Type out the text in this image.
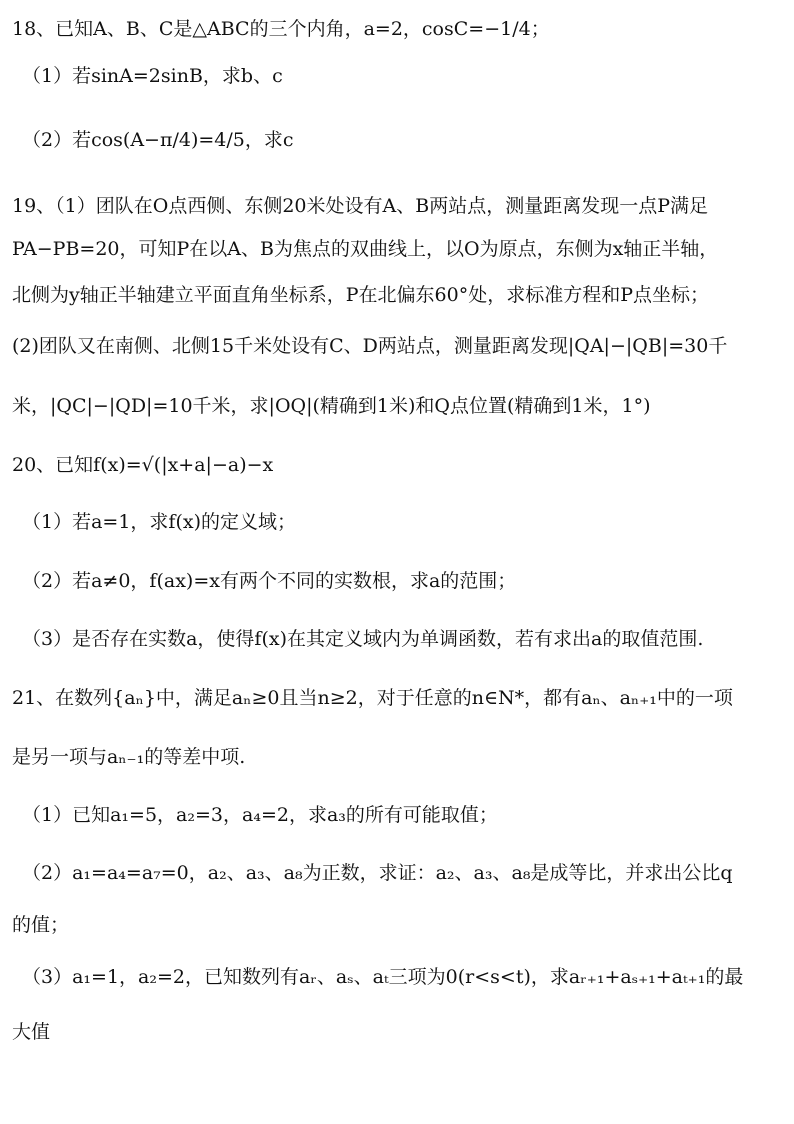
18、已知A、B、C是△ABC的三个内角，a=2，cosC=−1/4；
（1）若sinA=2sinB，求b、c
（2）若cos(A−π/4)=4/5，求c
19、（1）团队在O点西侧、东侧20米处设有A、B两站点，测量距离发现一点P满足
PA−PB=20，可知P在以A、B为焦点的双曲线上，以O为原点，东侧为x轴正半轴，
北侧为y轴正半轴建立平面直角坐标系，P在北偏东60°处，求标准方程和P点坐标；
(2)团队又在南侧、北侧15千米处设有C、D两站点，测量距离发现|QA|−|QB|=30千
米，|QC|−|QD|=10千米，求|OQ|(精确到1米)和Q点位置(精确到1米，1°)
20、已知f(x)=√(|x+a|−a)−x
（1）若a=1，求f(x)的定义域；
（2）若a≠0，f(ax)=x有两个不同的实数根，求a的范围；
（3）是否存在实数a，使得f(x)在其定义域内为单调函数，若有求出a的取值范围.
21、在数列{aₙ}中，满足aₙ≥0且当n≥2，对于任意的n∈N*，都有aₙ、aₙ₊₁中的一项
是另一项与aₙ₋₁的等差中项.
（1）已知a₁=5，a₂=3，a₄=2，求a₃的所有可能取值；
（2）a₁=a₄=a₇=0，a₂、a₃、a₈为正数，求证：a₂、a₃、a₈是成等比，并求出公比q
的值；
（3）a₁=1，a₂=2，已知数列有aᵣ、aₛ、aₜ三项为0(r<s<t)，求aᵣ₊₁+aₛ₊₁+aₜ₊₁的最
大值
